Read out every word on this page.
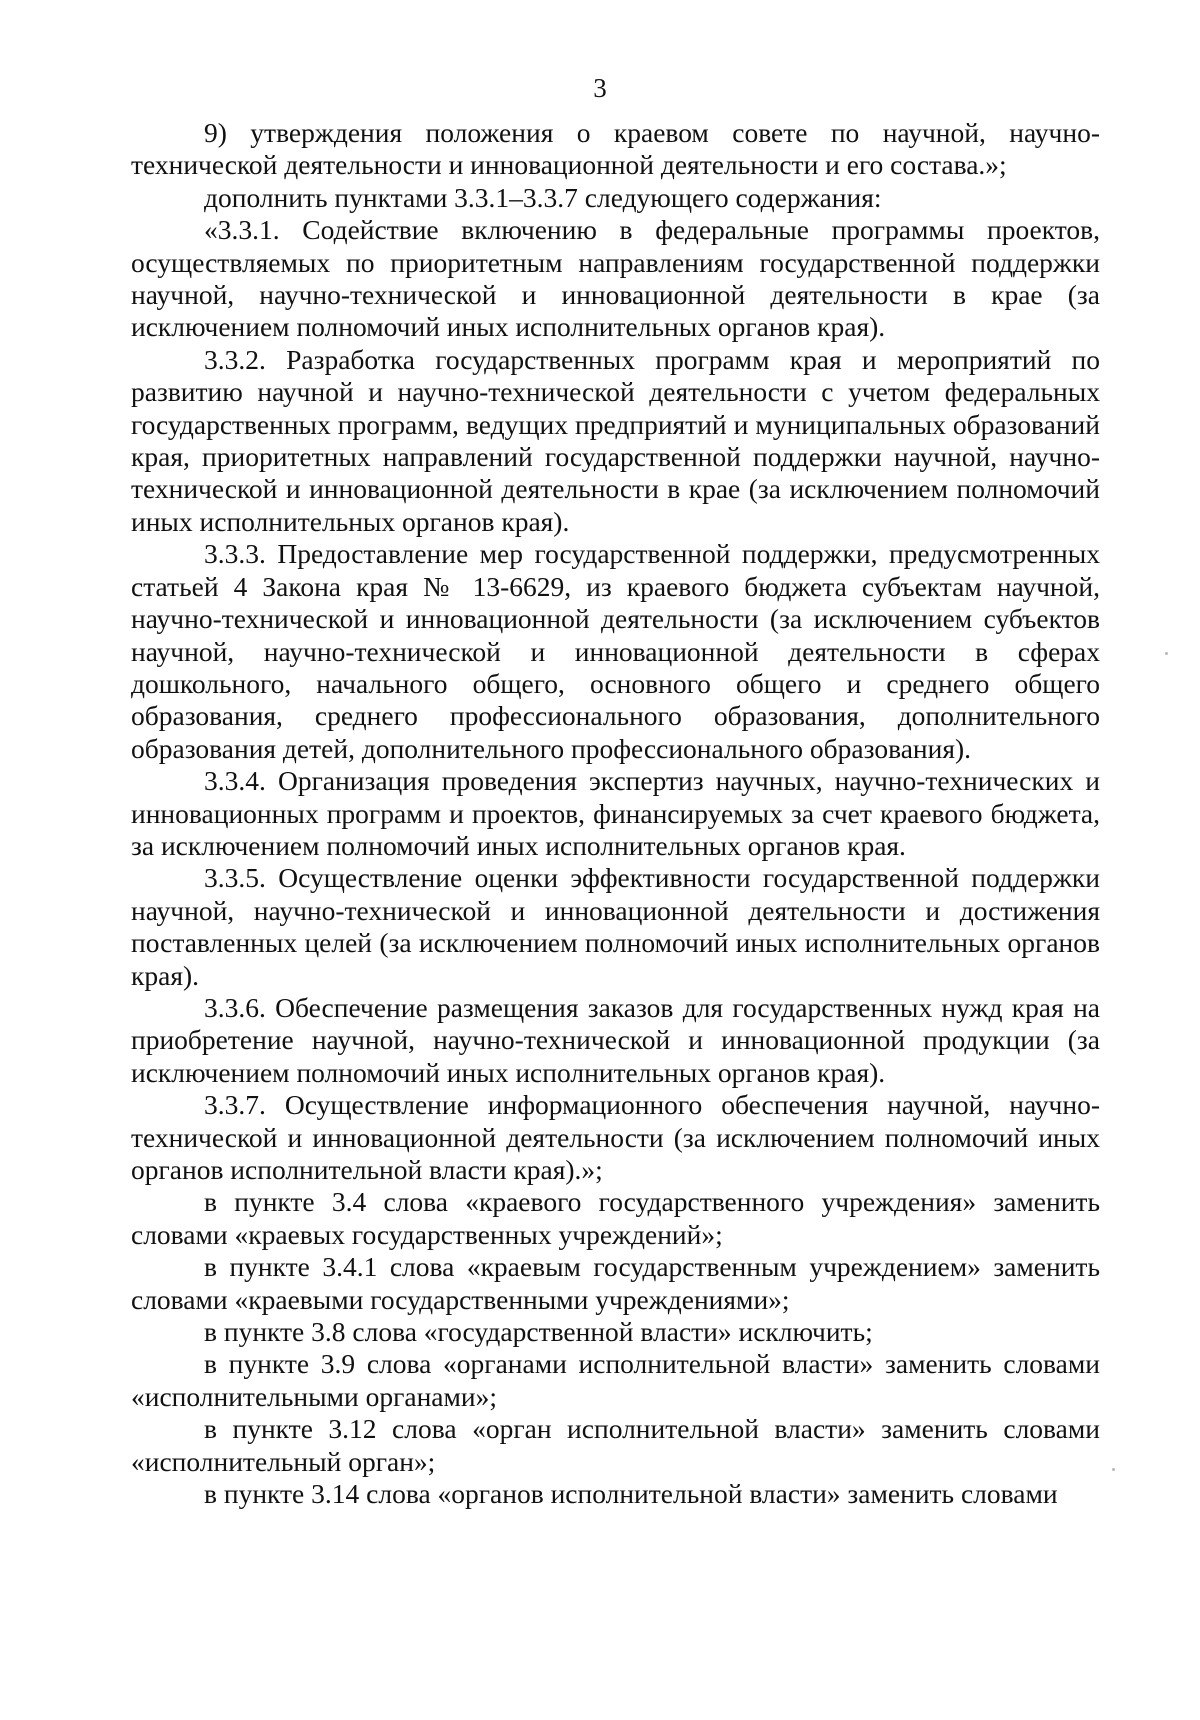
3

9) утверждения положения о краевом совете по научной, научно-технической деятельности и инновационной деятельности и его состава.»;

дополнить пунктами 3.3.1–3.3.7 следующего содержания:

«3.3.1. Содействие включению в федеральные программы проектов, осуществляемых по приоритетным направлениям государственной поддержки научной, научно-технической и инновационной деятельности в крае (за исключением полномочий иных исполнительных органов края).

3.3.2. Разработка государственных программ края и мероприятий по развитию научной и научно-технической деятельности с учетом федеральных государственных программ, ведущих предприятий и муниципальных образований края, приоритетных направлений государственной поддержки научной, научно-технической и инновационной деятельности в крае (за исключением полномочий иных исполнительных органов края).

3.3.3. Предоставление мер государственной поддержки, предусмотренных статьей 4 Закона края № 13-6629, из краевого бюджета субъектам научной, научно-технической и инновационной деятельности (за исключением субъектов научной, научно-технической и инновационной деятельности в сферах дошкольного, начального общего, основного общего и среднего общего образования, среднего профессионального образования, дополнительного образования детей, дополнительного профессионального образования).

3.3.4. Организация проведения экспертиз научных, научно-технических и инновационных программ и проектов, финансируемых за счет краевого бюджета, за исключением полномочий иных исполнительных органов края.

3.3.5. Осуществление оценки эффективности государственной поддержки научной, научно-технической и инновационной деятельности и достижения поставленных целей (за исключением полномочий иных исполнительных органов края).

3.3.6. Обеспечение размещения заказов для государственных нужд края на приобретение научной, научно-технической и инновационной продукции (за исключением полномочий иных исполнительных органов края).

3.3.7. Осуществление информационного обеспечения научной, научно-технической и инновационной деятельности (за исключением полномочий иных органов исполнительной власти края).»;

в пункте 3.4 слова «краевого государственного учреждения» заменить словами «краевых государственных учреждений»;

в пункте 3.4.1 слова «краевым государственным учреждением» заменить словами «краевыми государственными учреждениями»;

в пункте 3.8 слова «государственной власти» исключить;

в пункте 3.9 слова «органами исполнительной власти» заменить словами «исполнительными органами»;

в пункте 3.12 слова «орган исполнительной власти» заменить словами «исполнительный орган»;

в пункте 3.14 слова «органов исполнительной власти» заменить словами
